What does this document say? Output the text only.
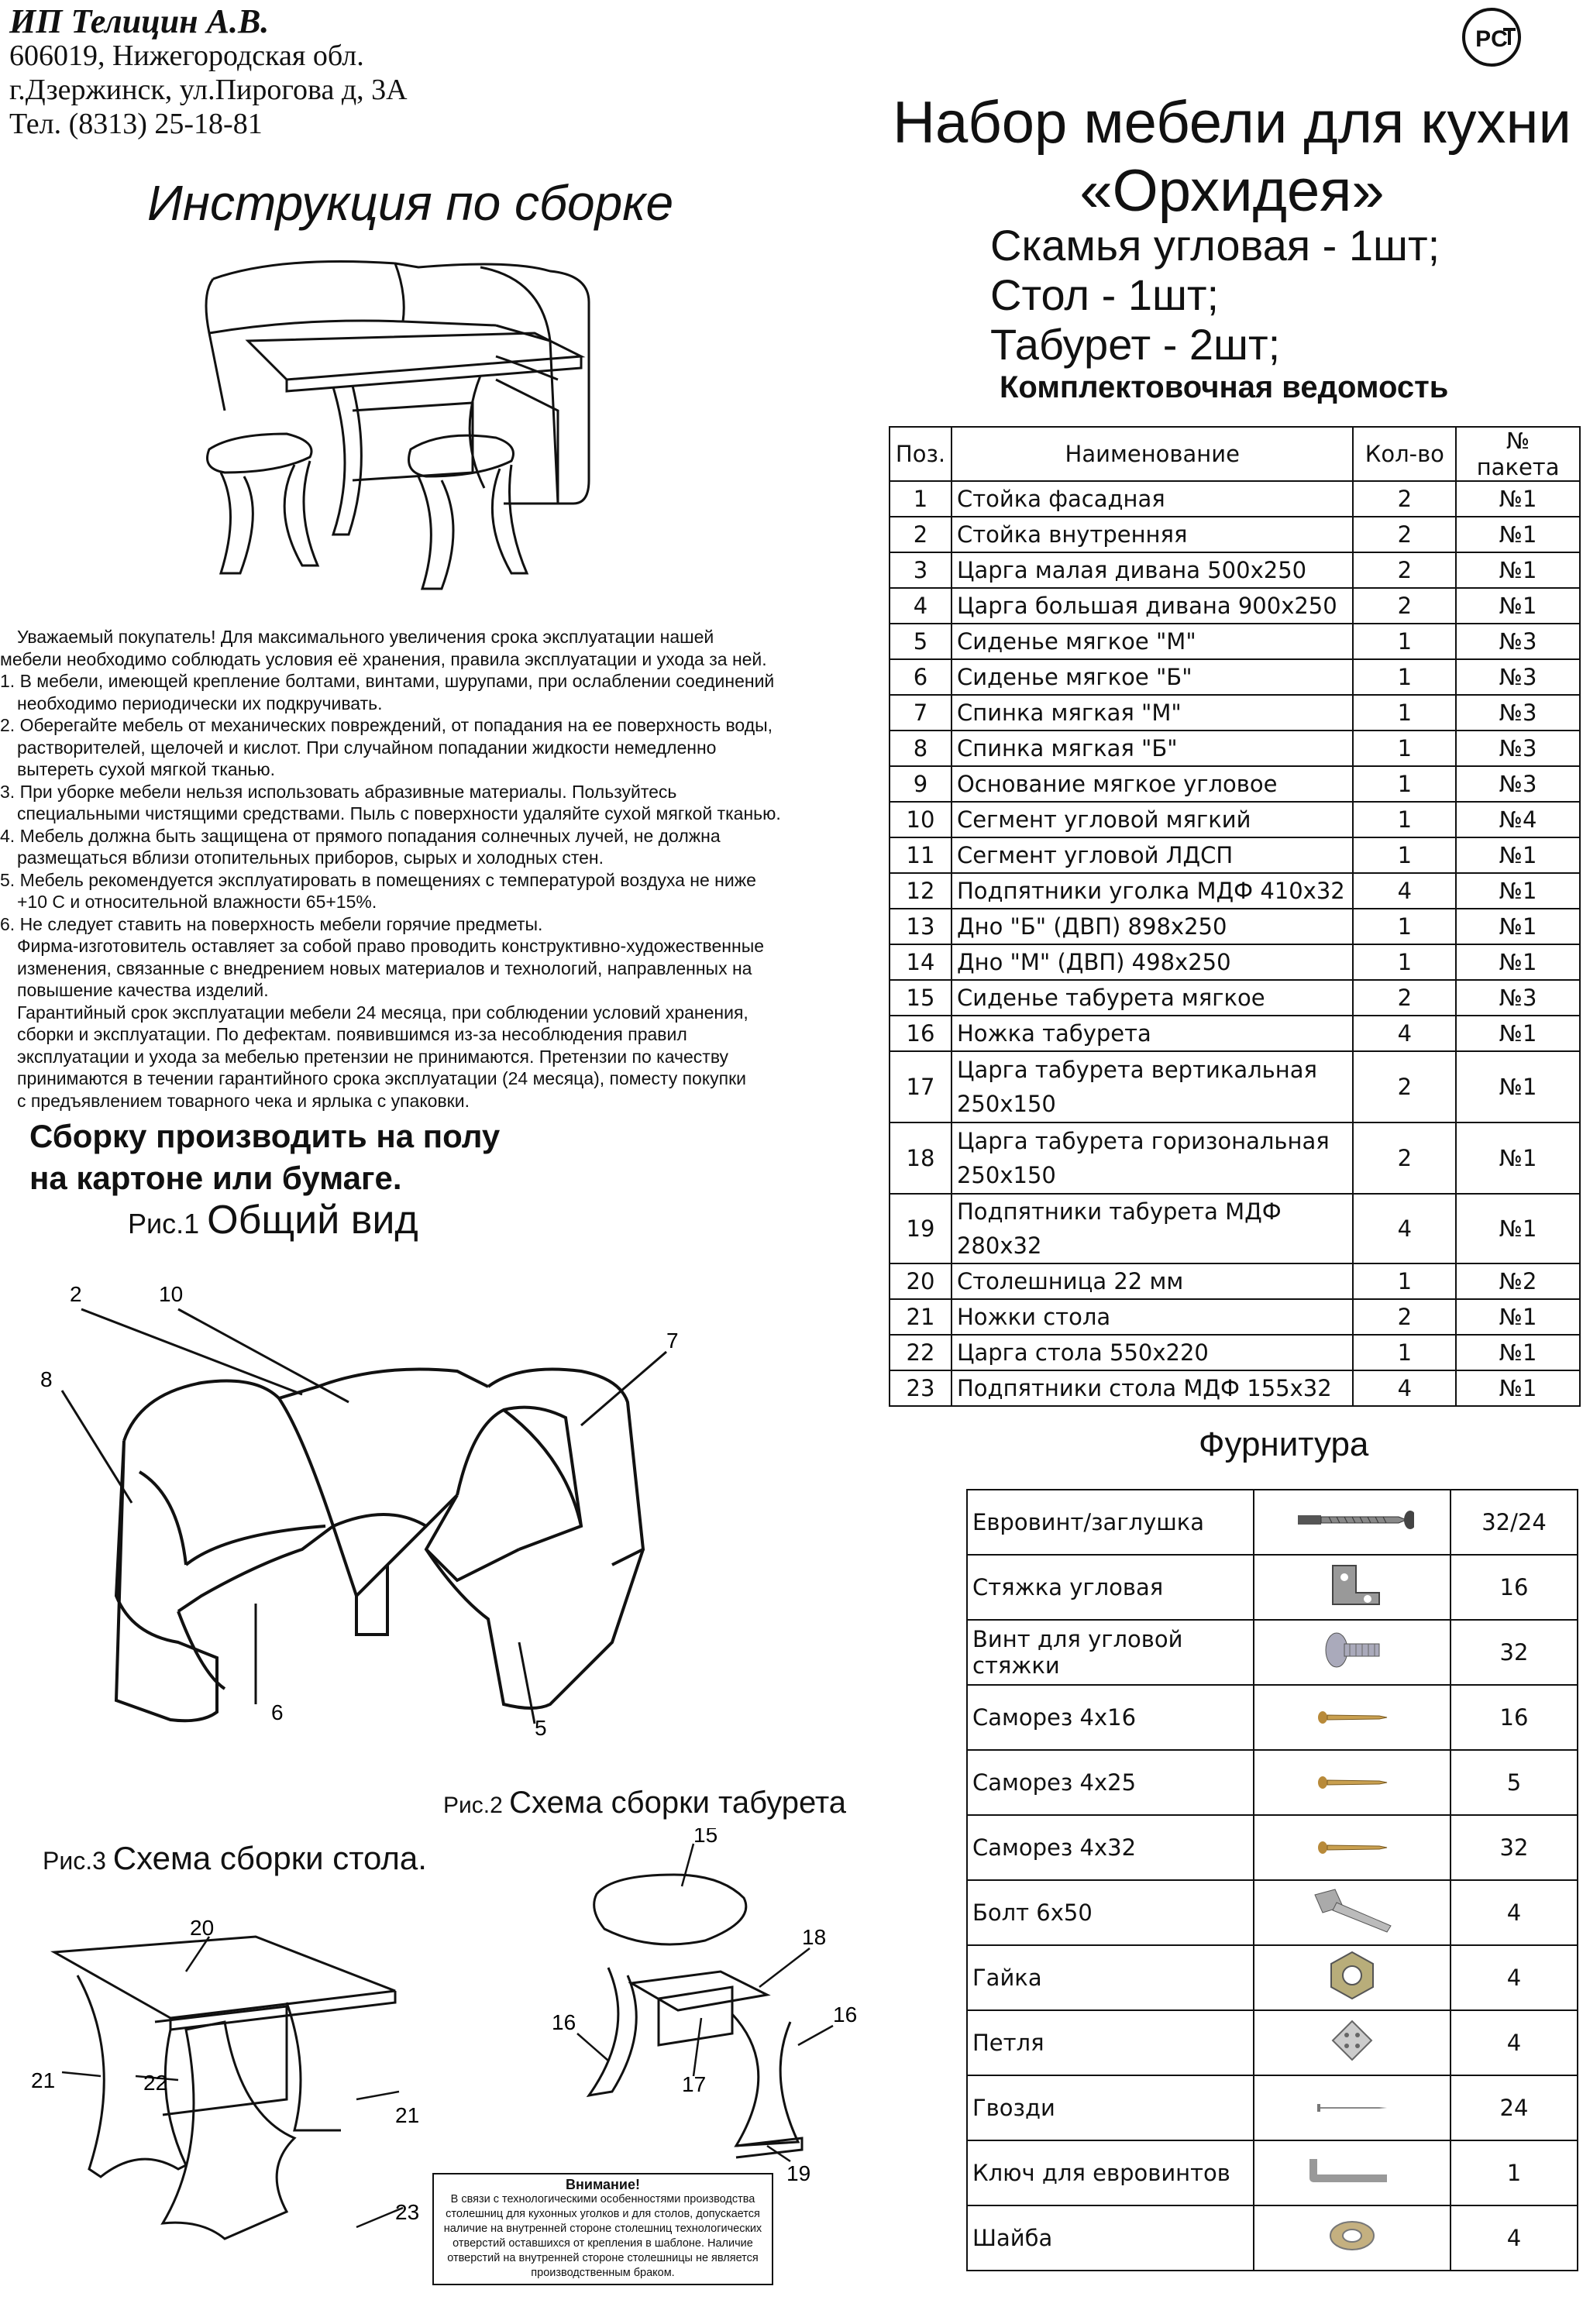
ИП Телицин А.В.
606019, Нижегородская обл.
г.Дзержинск, ул.Пирогова д, 3А
Тел. (8313) 25-18-81
PC
Инструкция по сборке
Набор мебели для кухни
«Орхидея»
Скамья угловая - 1шт;
Стол - 1шт;
Табурет - 2шт;
Комплектовочная ведомость
Поз.	Наименование	Кол-во	№ пакета
1	Стойка фасадная	2	№1
2	Стойка внутренняя	2	№1
3	Царга малая дивана 500x250	2	№1
4	Царга большая дивана 900x250	2	№1
5	Сиденье мягкое "М"	1	№3
6	Сиденье мягкое "Б"	1	№3
7	Спинка мягкая "М"	1	№3
8	Спинка мягкая "Б"	1	№3
9	Основание мягкое угловое	1	№3
10	Сегмент угловой мягкий	1	№4
11	Сегмент угловой ЛДСП	1	№1
12	Подпятники уголка МДФ 410x32	4	№1
13	Дно "Б" (ДВП) 898x250	1	№1
14	Дно "М" (ДВП) 498x250	1	№1
15	Сиденье табурета мягкое	2	№3
16	Ножка табурета	4	№1
17	Царга табурета вертикальная 250x150	2	№1
18	Царга табурета горизональная 250x150	2	№1
19	Подпятники табурета МДФ 280x32	4	№1
20	Столешница 22 мм	1	№2
21	Ножки стола	2	№1
22	Царга стола 550x220	1	№1
23	Подпятники стола МДФ 155x32	4	№1
Фурнитура
Евровинт/заглушка		32/24
Стяжка угловая		16
Винт для угловой стяжки		32
Саморез 4x16		16
Саморез 4x25		5
Саморез 4x32		32
Болт 6x50		4
Гайка		4
Петля		4
Гвозди		24
Ключ для евровинтов		1
Шайба		4

Уважаемый покупатель! Для максимального увеличения срока эксплуатации нашей

мебели необходимо соблюдать условия её хранения, правила эксплуатации и ухода за ней.

1. В мебели, имеющей крепление болтами, винтами, шурупами, при ослаблении соединений

необходимо периодически их подкручивать.

2. Оберегайте мебель от механических повреждений, от попадания на ее поверхность воды,

растворителей, щелочей и кислот. При случайном попадании жидкости немедленно

вытереть сухой мягкой тканью.

3. При уборке мебели нельзя использовать абразивные материалы. Пользуйтесь

специальными чистящими средствами. Пыль с поверхности удаляйте сухой мягкой тканью.

4. Мебель должна быть защищена от прямого попадания солнечных лучей, не должна

размещаться вблизи отопительных приборов, сырых и холодных стен.

5. Мебель рекомендуется эксплуатировать в помещениях с температурой воздуха не ниже

+10 С и относительной влажности 65+15%.

6. Не следует ставить на поверхность мебели горячие предметы.

Фирма-изготовитель оставляет за собой право проводить конструктивно-художественные

изменения, связанные с внедрением новых материалов и технологий, направленных на

повышение качества изделий.

Гарантийный срок эксплуатации мебели 24 месяца, при соблюдении условий хранения,

сборки и эксплуатации. По дефектам. появившимся из-за несоблюдения правил

эксплуатации и ухода за мебелью претензии не принимаются. Претензии по качеству

принимаются в течении гарантийного срока эксплуатации (24 месяца), поместу покупки

с предъявлением товарного чека и ярлыка с упаковки.

Сборку производить на полу
на картоне или бумаге.
Рис.1 Общий вид
2	10
7
8
6
5
Рис.2 Схема сборки табурета
Рис.3 Схема сборки стола.
20
21	22
21
23
15
18
16	16
17
19
Внимание!
В связи с технологическими особенностями производства столешниц для кухонных уголков и для столов, допускается наличие на внутренней стороне столешниц технологических отверстий оставшихся от крепления в шаблоне. Наличие отверстий на внутренней стороне столешницы не является производственным браком.
